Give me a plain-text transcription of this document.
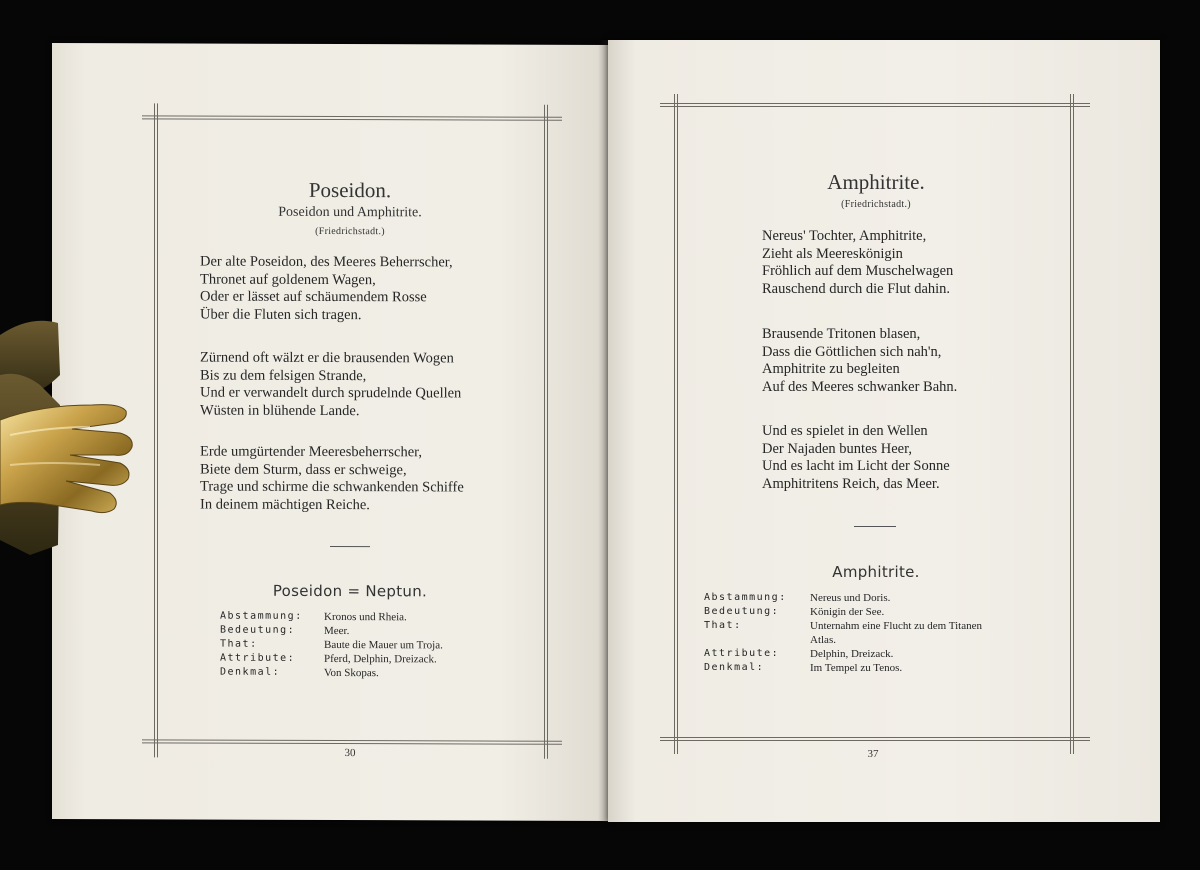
Poseidon.
Poseidon und Amphitrite.
(Friedrichstadt.)
Der alte Poseidon, des Meeres Beherrscher,
Thronet auf goldenem Wagen,
Oder er lässet auf schäumendem Rosse
Über die Fluten sich tragen.
Zürnend oft wälzt er die brausenden Wogen
Bis zu dem felsigen Strande,
Und er verwandelt durch sprudelnde Quellen
Wüsten in blühende Lande.
Erde umgürtender Meeresbeherrscher,
Biete dem Sturm, dass er schweige,
Trage und schirme die schwankenden Schiffe
In deinem mächtigen Reiche.
Poseidon = Neptun.
Abstammung:	Kronos und Rheia.
Bedeutung:	Meer.
That:	Baute die Mauer um Troja.
Attribute:	Pferd, Delphin, Dreizack.
Denkmal:	Von Skopas.
30
Amphitrite.
(Friedrichstadt.)
Nereus' Tochter, Amphitrite,
Zieht als Meereskönigin
Fröhlich auf dem Muschelwagen
Rauschend durch die Flut dahin.
Brausende Tritonen blasen,
Dass die Göttlichen sich nah'n,
Amphitrite zu begleiten
Auf des Meeres schwanker Bahn.
Und es spielet in den Wellen
Der Najaden buntes Heer,
Und es lacht im Licht der Sonne
Amphitritens Reich, das Meer.
Amphitrite.
Abstammung:	Nereus und Doris.
Bedeutung:	Königin der See.
That:	Unternahm eine Flucht zu dem Titanen
Atlas.
Attribute:	Delphin, Dreizack.
Denkmal:	Im Tempel zu Tenos.
37
